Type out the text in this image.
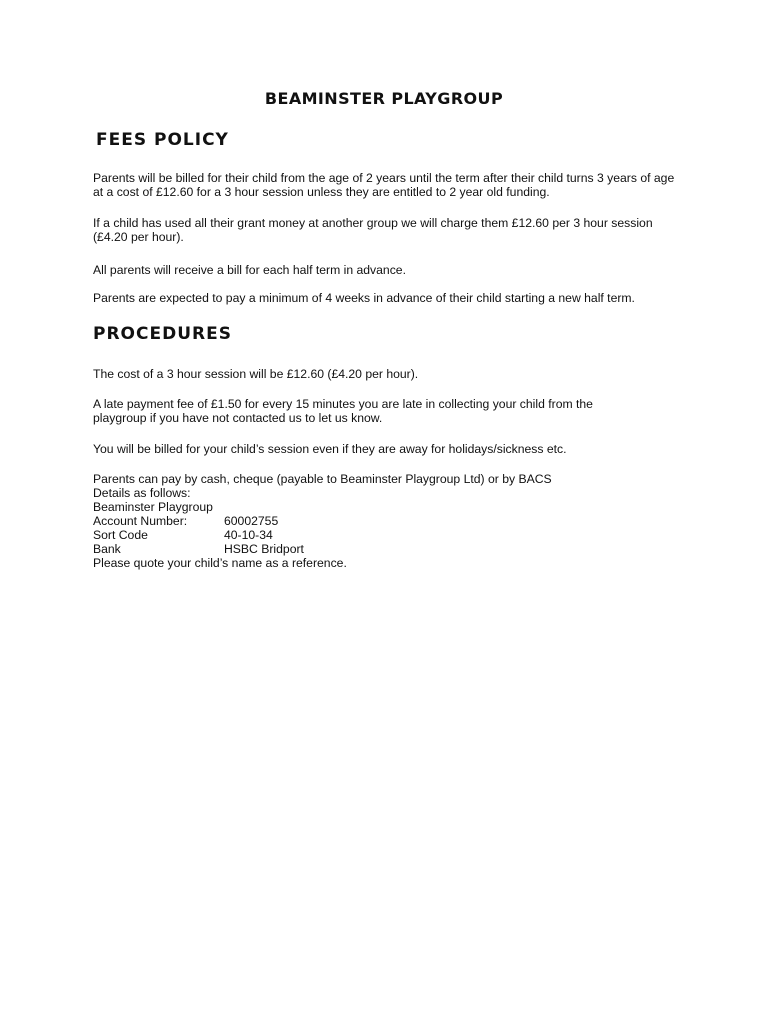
BEAMINSTER PLAYGROUP
FEES POLICY

Parents will be billed for their child from the age of 2 years until the term after their child turns 3 years of age at a cost of £12.60 for a 3 hour session unless they are entitled to 2 year old funding.

If a child has used all their grant money at another group we will charge them £12.60 per 3 hour session (£4.20 per hour).

All parents will receive a bill for each half term in advance.

Parents are expected to pay a minimum of 4 weeks in advance of their child starting a new half term.

PROCEDURES

The cost of a 3 hour session will be £12.60 (£4.20 per hour).

A late payment fee of £1.50 for every 15 minutes you are late in collecting your child from the playgroup if you have not contacted us to let us know.

You will be billed for your child’s session even if they are away for holidays/sickness etc.

Parents can pay by cash, cheque (payable to Beaminster Playgroup Ltd) or by BACS
Details as follows:
Beaminster Playgroup
Account Number:	60002755
Sort Code	40-10-34
Bank	HSBC Bridport
Please quote your child’s name as a reference.
